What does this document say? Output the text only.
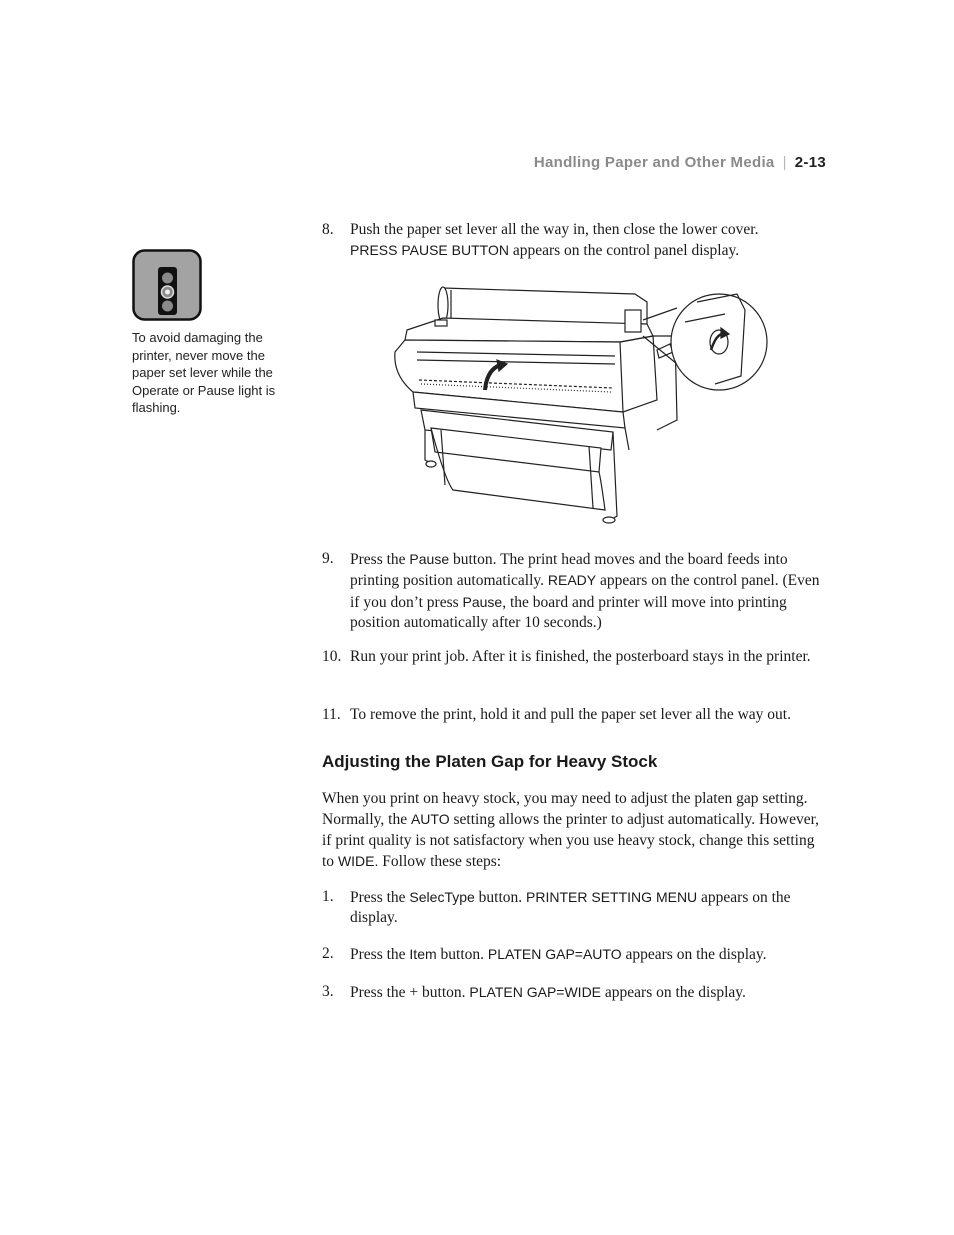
Handling Paper and Other Media | 2-13
To avoid damaging the printer, never move the paper set lever while the Operate or Pause light is flashing.
8. Push the paper set lever all the way in, then close the lower cover.
PRESS PAUSE BUTTON appears on the control panel display.
9. Press the Pause button. The print head moves and the board feeds into printing position automatically. READY appears on the control panel. (Even if you don’t press Pause, the board and printer will move into printing position automatically after 10 seconds.)
10. Run your print job. After it is finished, the posterboard stays in the printer.
11. To remove the print, hold it and pull the paper set lever all the way out.
Adjusting the Platen Gap for Heavy Stock

When you print on heavy stock, you may need to adjust the platen gap setting. Normally, the AUTO setting allows the printer to adjust automatically. However, if print quality is not satisfactory when you use heavy stock, change this setting to WIDE. Follow these steps:

1. Press the SelecType button. PRINTER SETTING MENU appears on the display.
2. Press the Item button. PLATEN GAP=AUTO appears on the display.
3. Press the + button. PLATEN GAP=WIDE appears on the display.
